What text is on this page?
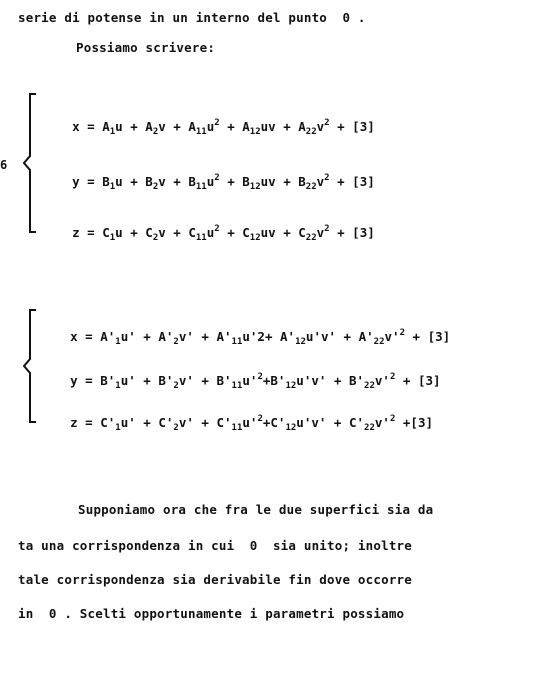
serie di potense in un interno del punto  0 .
Possiamo scrivere:
6

$x = A_1u + A_2v + A_{11}u^2 + A_{12}uv + A_{22}v^2 + [3]$

$y = B_1u + B_2v + B_{11}u^2 + B_{12}uv + B_{22}v^2 + [3]$

$z = C_1u + C_2v + C_{11}u^2 + C_{12}uv + C_{22}v^2 + [3]$

$x = A'_1u' + A'_2v' + A'_{11}u'2+ A'_{12}u'v' + A'_{22}v'^2 + [3]$

$y = B'_1u' + B'_2v' + B'_{11}u'^2+B'_{12}u'v' + B'_{22}v'^2 + [3]$

$z = C'_1u' + C'_2v' + C'_{11}u'^2+C'_{12}u'v' + C'_{22}v'^2 +[3]$

Supponiamo ora che fra le due superfici sia da
ta una corrispondenza in cui  0  sia unito; inoltre
tale corrispondenza sia derivabile fin dove occorre
in  0 . Scelti opportunamente i parametri possiamo
